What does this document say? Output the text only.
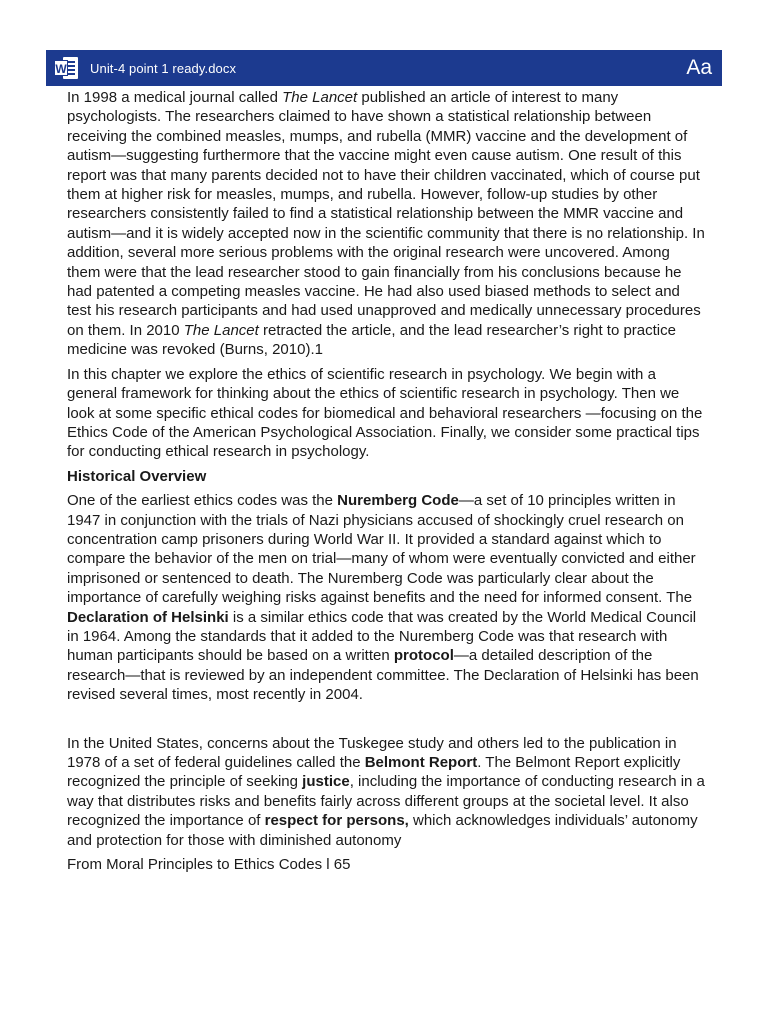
W Unit-4 point 1 ready.docx	Aa

In 1998 a medical journal called The Lancet published an article of interest to many psychologists. The researchers claimed to have shown a statistical relationship between receiving the combined measles, mumps, and rubella (MMR) vaccine and the development of autism—suggesting furthermore that the vaccine might even cause autism. One result of this report was that many parents decided not to have their children vaccinated, which of course put them at higher risk for measles, mumps, and rubella. However, follow-up studies by other researchers consistently failed to find a statistical relationship between the MMR vaccine and autism—and it is widely accepted now in the scientific community that there is no relationship. In addition, several more serious problems with the original research were uncovered. Among them were that the lead researcher stood to gain financially from his conclusions because he had patented a competing measles vaccine. He had also used biased methods to select and test his research participants and had used unapproved and medically unnecessary procedures on them. In 2010 The Lancet retracted the article, and the lead researcher’s right to practice medicine was revoked (Burns, 2010).1

In this chapter we explore the ethics of scientific research in psychology. We begin with a general framework for thinking about the ethics of scientific research in psychology. Then we look at some specific ethical codes for biomedical and behavioral researchers —focusing on the Ethics Code of the American Psychological Association. Finally, we consider some practical tips for conducting ethical research in psychology.

Historical Overview

One of the earliest ethics codes was the Nuremberg Code—a set of 10 principles written in 1947 in conjunction with the trials of Nazi physicians accused of shockingly cruel research on concentration camp prisoners during World War II. It provided a standard against which to compare the behavior of the men on trial—many of whom were eventually convicted and either imprisoned or sentenced to death. The Nuremberg Code was particularly clear about the importance of carefully weighing risks against benefits and the need for informed consent. The Declaration of Helsinki is a similar ethics code that was created by the World Medical Council in 1964. Among the standards that it added to the Nuremberg Code was that research with human participants should be based on a written protocol—a detailed description of the research—that is reviewed by an independent committee. The Declaration of Helsinki has been revised several times, most recently in 2004.

In the United States, concerns about the Tuskegee study and others led to the publication in 1978 of a set of federal guidelines called the Belmont Report. The Belmont Report explicitly recognized the principle of seeking justice, including the importance of conducting research in a way that distributes risks and benefits fairly across different groups at the societal level. It also recognized the importance of respect for persons, which acknowledges individuals’ autonomy and protection for those with diminished autonomy

From Moral Principles to Ethics Codes l 65
